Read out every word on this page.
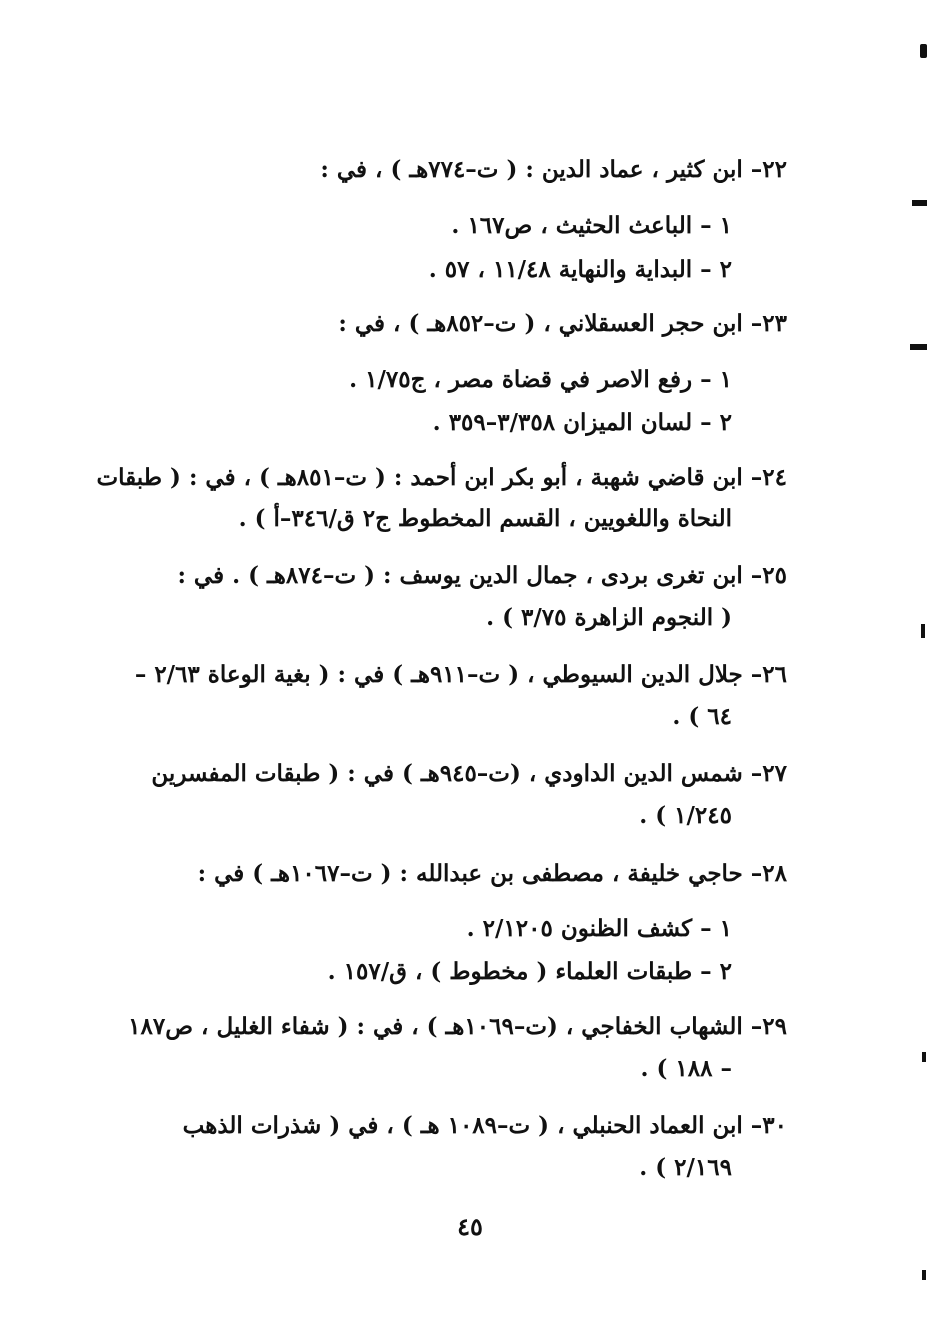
٢٢– ابن كثير ، عماد الدين : ( ت–٧٧٤هـ ) ، في :
١ – الباعث الحثيث ، ص١٦٧ .
٢ – البداية والنهاية ١١/٤٨ ، ٥٧ .
٢٣– ابن حجر العسقلاني ، ( ت–٨٥٢هـ ) ، في :
١ – رفع الاصر في قضاة مصر ، ج١/٧٥ .
٢ – لسان الميزان ٣/٣٥٨–٣٥٩ .
٢٤– ابن قاضي شهبة ، أبو بكر ابن أحمد : ( ت–٨٥١هـ ) ، في : ( طبقات
النحاة واللغويين ، القسم المخطوط ج٢ ق/٣٤٦–أ ) .
٢٥– ابن تغرى بردى ، جمال الدين يوسف : ( ت–٨٧٤هـ ) . في :
( النجوم الزاهرة ٣/٧٥ ) .
٢٦– جلال الدين السيوطي ، ( ت–٩١١هـ ) في : ( بغية الوعاة ٢/٦٣ –
٦٤ ) .
٢٧– شمس الدين الداودي ، (ت–٩٤٥هـ ) في : ( طبقات المفسرين
١/٢٤٥ ) .
٢٨– حاجي خليفة ، مصطفى بن عبدالله : ( ت–١٠٦٧هـ ) في :
١ – كشف الظنون ٢/١٢٠٥ .
٢ – طبقات العلماء ( مخطوط ) ، ق/١٥٧ .
٢٩– الشهاب الخفاجي ، (ت–١٠٦٩هـ ) ، في : ( شفاء الغليل ، ص١٨٧
– ١٨٨ ) .
٣٠– ابن العماد الحنبلي ، ( ت–١٠٨٩ هـ ) ، في ( شذرات الذهب
٢/١٦٩ ) .
٤٥
